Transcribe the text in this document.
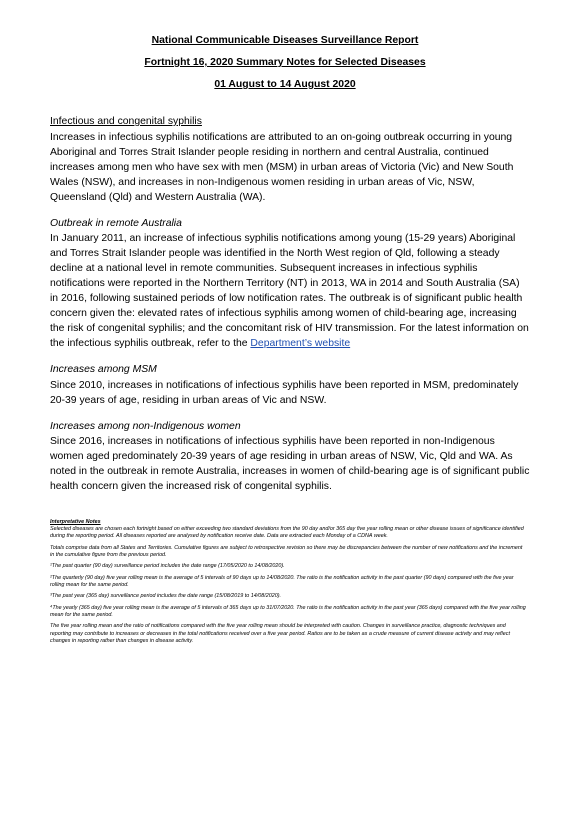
National Communicable Diseases Surveillance Report
Fortnight 16, 2020 Summary Notes for Selected Diseases
01 August to 14 August 2020

Infectious and congenital syphilis

Increases in infectious syphilis notifications are attributed to an on-going outbreak occurring in young Aboriginal and Torres Strait Islander people residing in northern and central Australia, continued increases among men who have sex with men (MSM) in urban areas of Victoria (Vic) and New South Wales (NSW), and increases in non-Indigenous women residing in urban areas of Vic, NSW, Queensland (Qld) and Western Australia (WA).

Outbreak in remote Australia

In January 2011, an increase of infectious syphilis notifications among young (15-29 years) Aboriginal and Torres Strait Islander people was identified in the North West region of Qld, following a steady decline at a national level in remote communities. Subsequent increases in infectious syphilis notifications were reported in the Northern Territory (NT) in 2013, WA in 2014 and South Australia (SA) in 2016, following sustained periods of low notification rates. The outbreak is of significant public health concern given the: elevated rates of infectious syphilis among women of child-bearing age, increasing the risk of congenital syphilis; and the concomitant risk of HIV transmission. For the latest information on the infectious syphilis outbreak, refer to the Department’s website

Increases among MSM

Since 2010, increases in notifications of infectious syphilis have been reported in MSM, predominately 20-39 years of age, residing in urban areas of Vic and NSW.

Increases among non-Indigenous women

Since 2016, increases in notifications of infectious syphilis have been reported in non-Indigenous women aged predominately 20-39 years of age residing in urban areas of NSW, Vic, Qld and WA. As noted in the outbreak in remote Australia, increases in women of child-bearing age is of significant public health concern given the increased risk of congenital syphilis.

Interpretative Notes

Selected diseases are chosen each fortnight based on either exceeding two standard deviations from the 90 day and/or 365 day five year rolling mean or other disease issues of significance identified during the reporting period. All diseases reported are analysed by notification receive date. Data are extracted each Monday of a CDNA week.

Totals comprise data from all States and Territories. Cumulative figures are subject to retrospective revision so there may be discrepancies between the number of new notifications and the increment in the cumulative figure from the previous period.

¹The past quarter (90 day) surveillance period includes the date range (17/05/2020 to 14/08/2020).

²The quarterly (90 day) five year rolling mean is the average of 5 intervals of 90 days up to 14/08/2020. The ratio is the notification activity in the past quarter (90 days) compared with the five year rolling mean for the same period.

³The past year (365 day) surveillance period includes the date range (15/08/2019 to 14/08/2020).

⁴The yearly (365 day) five year rolling mean is the average of 5 intervals of 365 days up to 31/07/2020. The ratio is the notification activity in the past year (365 days) compared with the five year rolling mean for the same period.

The five year rolling mean and the ratio of notifications compared with the five year rolling mean should be interpreted with caution. Changes in surveillance practice, diagnostic techniques and reporting may contribute to increases or decreases in the total notifications received over a five year period. Ratios are to be taken as a crude measure of current disease activity and may reflect changes in reporting rather than changes in disease activity.
